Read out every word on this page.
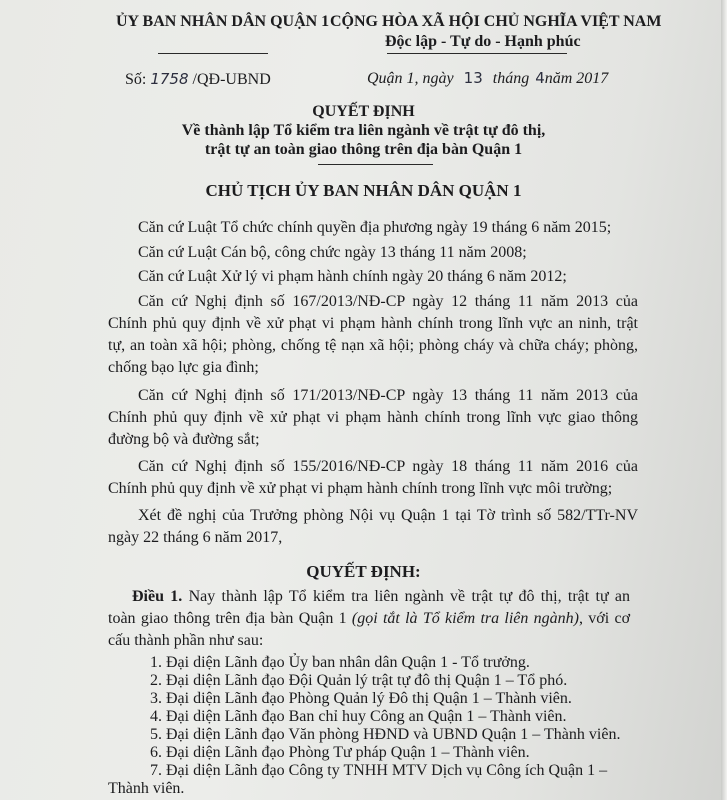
ỦY BAN NHÂN DÂN QUẬN 1 CỘNG HÒA XÃ HỘI CHỦ NGHĨA VIỆT NAM
Độc lập - Tự do - Hạnh phúc
Số: 1758 /QĐ-UBND	Quận 1, ngày 13 tháng 4năm 2017
QUYẾT ĐỊNH
Về thành lập Tổ kiểm tra liên ngành về trật tự đô thị,
trật tự an toàn giao thông trên địa bàn Quận 1
CHỦ TỊCH ỦY BAN NHÂN DÂN QUẬN 1
Căn cứ Luật Tổ chức chính quyền địa phương ngày 19 tháng 6 năm 2015;
Căn cứ Luật Cán bộ, công chức ngày 13 tháng 11 năm 2008;
Căn cứ Luật Xử lý vi phạm hành chính ngày 20 tháng 6 năm 2012;
Căn cứ Nghị định số 167/2013/NĐ-CP ngày 12 tháng 11 năm 2013 của
Chính phủ quy định về xử phạt vi phạm hành chính trong lĩnh vực an ninh, trật
tự, an toàn xã hội; phòng, chống tệ nạn xã hội; phòng cháy và chữa cháy; phòng,
chống bạo lực gia đình;
Căn cứ Nghị định số 171/2013/NĐ-CP ngày 13 tháng 11 năm 2013 của
Chính phủ quy định về xử phạt vi phạm hành chính trong lĩnh vực giao thông
đường bộ và đường sắt;
Căn cứ Nghị định số 155/2016/NĐ-CP ngày 18 tháng 11 năm 2016 của
Chính phủ quy định về xử phạt vi phạm hành chính trong lĩnh vực môi trường;
Xét đề nghị của Trưởng phòng Nội vụ Quận 1 tại Tờ trình số 582/TTr-NV
ngày 22 tháng 6 năm 2017,
QUYẾT ĐỊNH:
Điều 1. Nay thành lập Tổ kiểm tra liên ngành về trật tự đô thị, trật tự an
toàn giao thông trên địa bàn Quận 1 (gọi tắt là Tổ kiểm tra liên ngành), với cơ
cấu thành phần như sau:
1. Đại diện Lãnh đạo Ủy ban nhân dân Quận 1 - Tổ trưởng.
2. Đại diện Lãnh đạo Đội Quản lý trật tự đô thị Quận 1 – Tổ phó.
3. Đại diện Lãnh đạo Phòng Quản lý Đô thị Quận 1 – Thành viên.
4. Đại diện Lãnh đạo Ban chỉ huy Công an Quận 1 – Thành viên.
5. Đại diện Lãnh đạo Văn phòng HĐND và UBND Quận 1 – Thành viên.
6. Đại diện Lãnh đạo Phòng Tư pháp Quận 1 – Thành viên.
7. Đại diện Lãnh đạo Công ty TNHH MTV Dịch vụ Công ích Quận 1 –
Thành viên.
